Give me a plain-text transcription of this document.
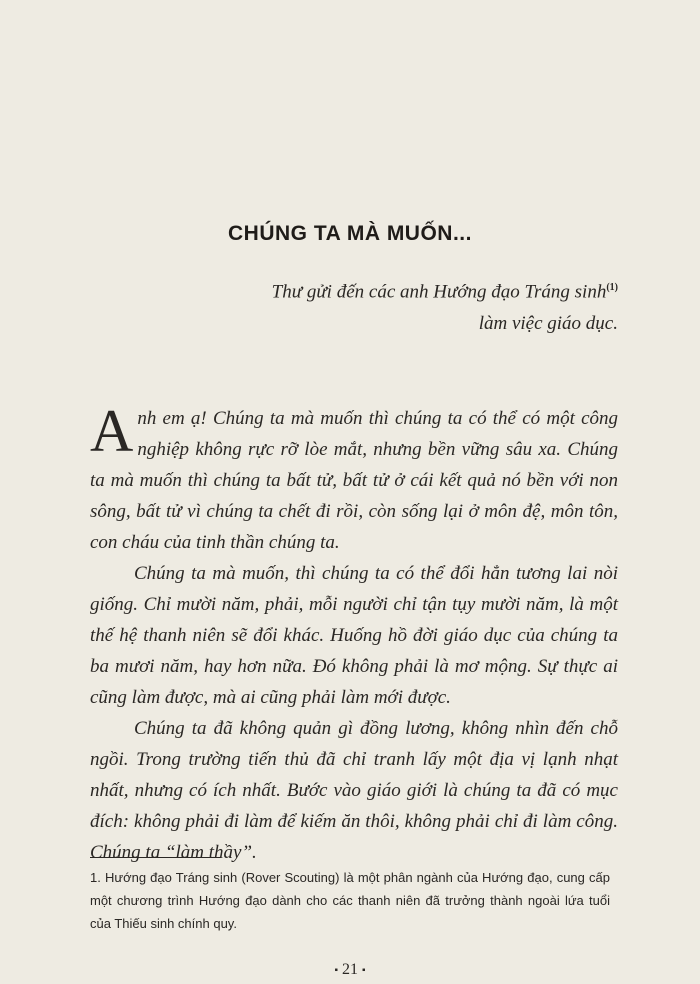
CHÚNG TA MÀ MUỐN...
Thư gửi đến các anh Hướng đạo Tráng $\sinh^{(1)}$
làm việc giáo dục.

Anh em ạ! Chúng ta mà muốn thì chúng ta có thể có một công nghiệp không rực rỡ lòe mắt, nhưng bền vững sâu xa. Chúng ta mà muốn thì chúng ta bất tử, bất tử ở cái kết quả nó bền với non sông, bất tử vì chúng ta chết đi rồi, còn sống lại ở môn đệ, môn tôn, con cháu của tinh thần chúng ta.

Chúng ta mà muốn, thì chúng ta có thể đổi hẳn tương lai nòi giống. Chỉ mười năm, phải, mỗi người chỉ tận tụy mười năm, là một thế hệ thanh niên sẽ đổi khác. Huống hồ đời giáo dục của chúng ta ba mươi năm, hay hơn nữa. Đó không phải là mơ mộng. Sự thực ai cũng làm được, mà ai cũng phải làm mới được.

Chúng ta đã không quản gì đồng lương, không nhìn đến chỗ ngồi. Trong trường tiến thủ đã chỉ tranh lấy một địa vị lạnh nhạt nhất, nhưng có ích nhất. Bước vào giáo giới là chúng ta đã có mục đích: không phải đi làm để kiếm ăn thôi, không phải chỉ đi làm công. Chúng ta “làm thầy”.

1. Hướng đạo Tráng sinh (Rover Scouting) là một phân ngành của Hướng đạo, cung cấp một chương trình Hướng đạo dành cho các thanh niên đã trưởng thành ngoài lứa tuổi của Thiếu sinh chính quy.
▪ 21 ▪
